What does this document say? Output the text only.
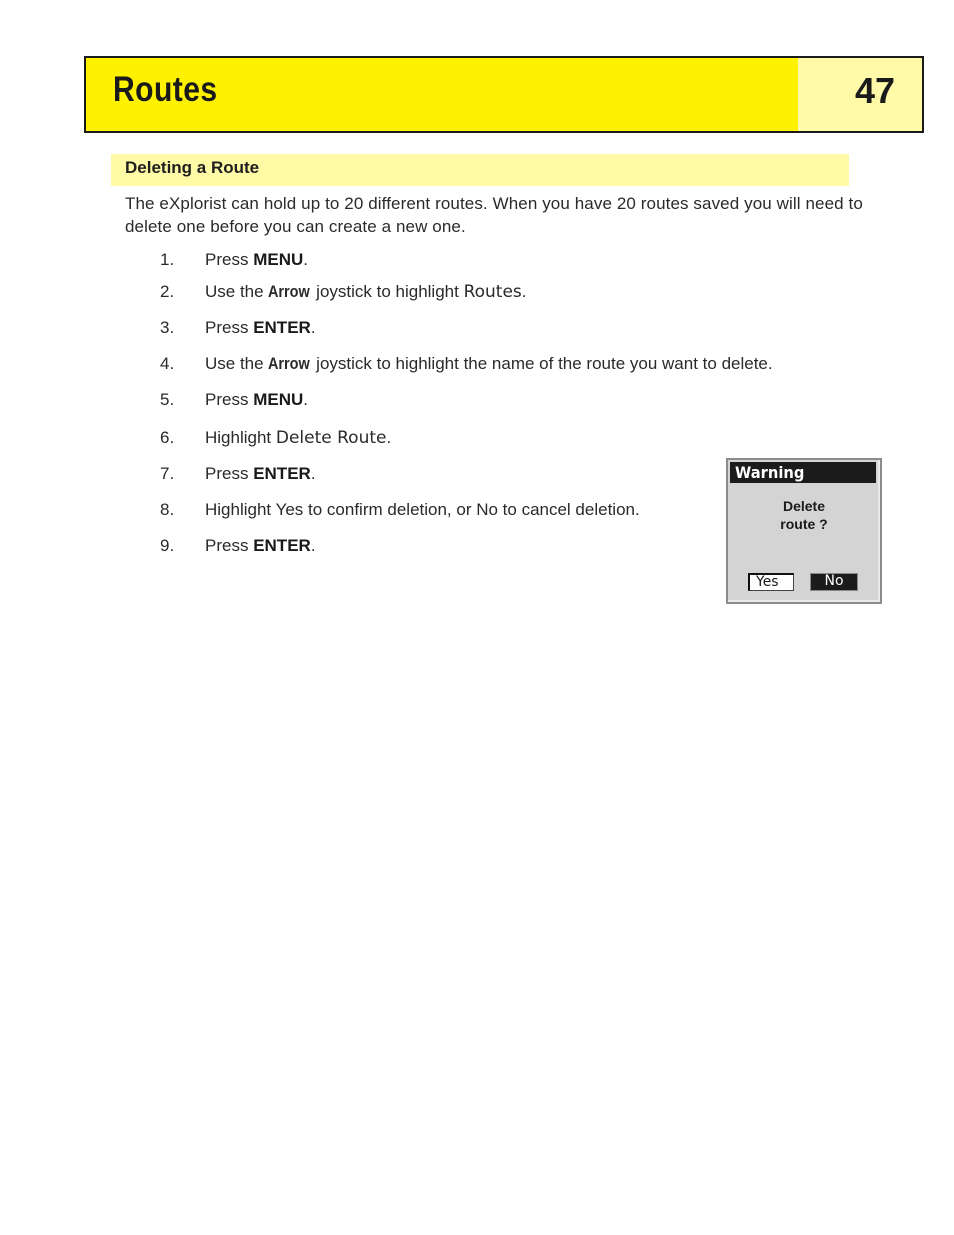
Routes	47
Deleting a Route
The eXplorist can hold up to 20 different routes. When you have 20 routes saved you will need to delete one before you can create a new one.
1. Press MENU.
2. Use the Arrow joystick to highlight Routes.
3. Press ENTER.
4. Use the Arrow joystick to highlight the name of the route you want to delete.
5. Press MENU.
6. Highlight Delete Route.
7. Press ENTER.
8. Highlight Yes to confirm deletion, or No to cancel deletion.
9. Press ENTER.
Warning
Delete
route ?
Yes	No
